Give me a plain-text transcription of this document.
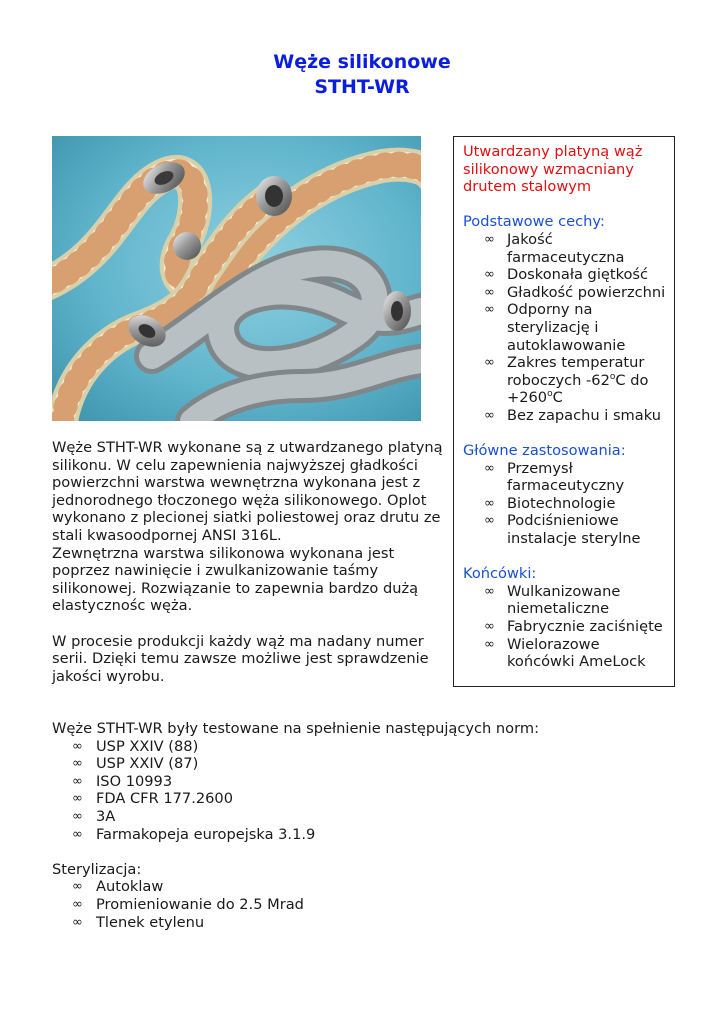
Węże silikonowe
STHT-WR

Węże STHT-WR wykonane są z utwardzanego platyną silikonu. W celu zapewnienia najwyższej gładkości powierzchni warstwa wewnętrzna wykonana jest z jednorodnego tłoczonego węża silikonowego. Oplot wykonano z plecionej siatki poliestowej oraz drutu ze stali kwasoodpornej ANSI 316L.

Zewnętrzna warstwa silikonowa wykonana jest poprzez nawinięcie i zwulkanizowanie taśmy silikonowej. Rozwiązanie to zapewnia bardzo dużą elastycznośc węża.

W procesie produkcji każdy wąż ma nadany numer serii. Dzięki temu zawsze możliwe jest sprawdzenie jakości wyrobu.

Utwardzany platyną wąż silikonowy wzmacniany drutem stalowym
Podstawowe cechy:
∞ Jakość farmaceutyczna
∞ Doskonała giętkość
∞ Gładkość powierzchni
∞ Odporny na sterylizację i autoklawowanie
∞ Zakres temperatur roboczych -62$^o$C do $+260^oC$
∞ Bez zapachu i smaku
Główne zastosowania:
∞ Przemysł farmaceutyczny
∞ Biotechnologie
∞ Podciśnieniowe instalacje sterylne
Końcówki:
∞ Wulkanizowane niemetaliczne
∞ Fabrycznie zaciśnięte
∞ Wielorazowe końcówki AmeLock

Węże STHT-WR były testowane na spełnienie następujących norm:

∞ USP XXIV (88)
∞ USP XXIV (87)
∞ ISO 10993
∞ FDA CFR 177.2600
∞ 3A
∞ Farmakopeja europejska 3.1.9

Sterylizacja:

∞ Autoklaw
∞ Promieniowanie do 2.5 Mrad
∞ Tlenek etylenu
